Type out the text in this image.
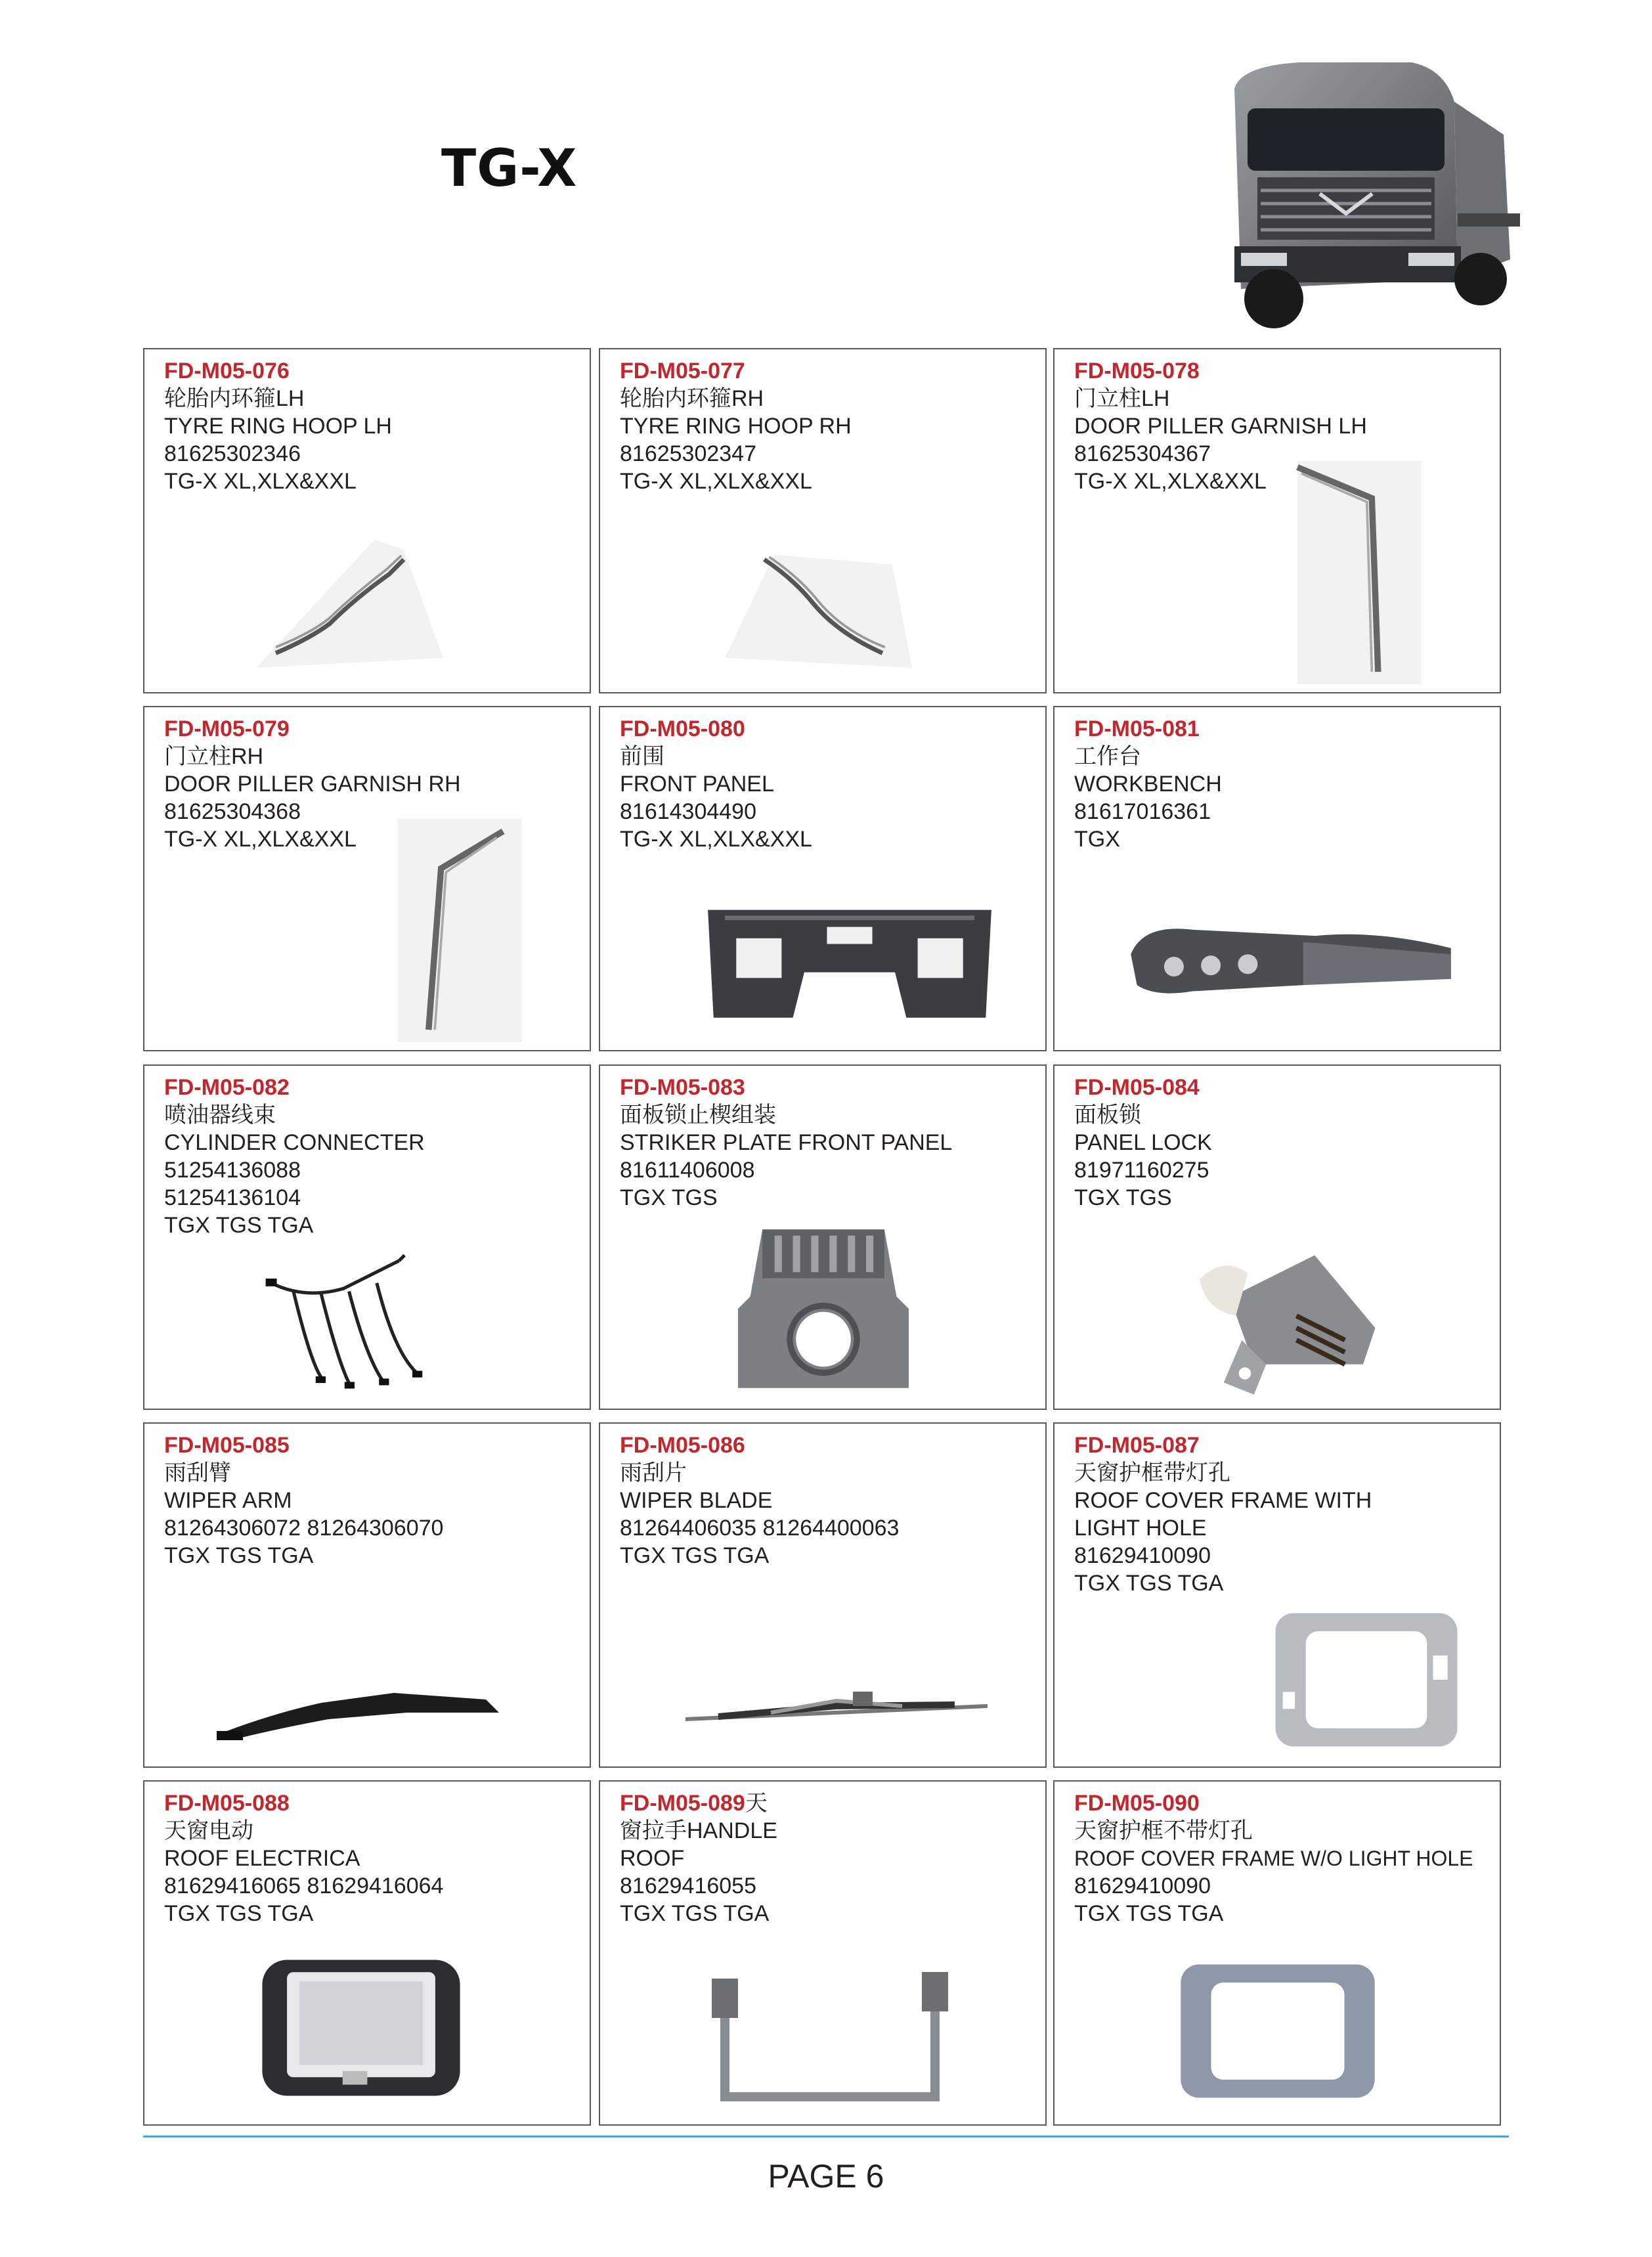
TG-X
FD-M05-076
轮胎内环箍LH
TYRE RING HOOP LH
81625302346
TG-X XL,XLX&XXL
FD-M05-077
轮胎内环箍RH
TYRE RING HOOP RH
81625302347
TG-X XL,XLX&XXL
FD-M05-078
门立柱LH
DOOR PILLER GARNISH LH
81625304367
TG-X XL,XLX&XXL
FD-M05-079
门立柱RH
DOOR PILLER GARNISH RH
81625304368
TG-X XL,XLX&XXL
FD-M05-080
前围
FRONT PANEL
81614304490
TG-X XL,XLX&XXL
FD-M05-081
工作台
WORKBENCH
81617016361
TGX
FD-M05-082
喷油器线束
CYLINDER CONNECTER
51254136088
51254136104
TGX TGS TGA
FD-M05-083
面板锁止楔组装
STRIKER PLATE FRONT PANEL
81611406008
TGX TGS
FD-M05-084
面板锁
PANEL LOCK
81971160275
TGX TGS
FD-M05-085
雨刮臂
WIPER ARM
81264306072 81264306070
TGX TGS TGA
FD-M05-086
雨刮片
WIPER BLADE
81264406035 81264400063
TGX TGS TGA
FD-M05-087
天窗护框带灯孔
ROOF COVER FRAME WITH
LIGHT HOLE
81629410090
TGX TGS TGA
FD-M05-088
天窗电动
ROOF ELECTRICA
81629416065 81629416064
TGX TGS TGA
FD-M05-089天
窗拉手HANDLE
ROOF
81629416055
TGX TGS TGA
FD-M05-090
天窗护框不带灯孔
ROOF COVER FRAME W/O LIGHT HOLE
81629410090
TGX TGS TGA
PAGE 6
